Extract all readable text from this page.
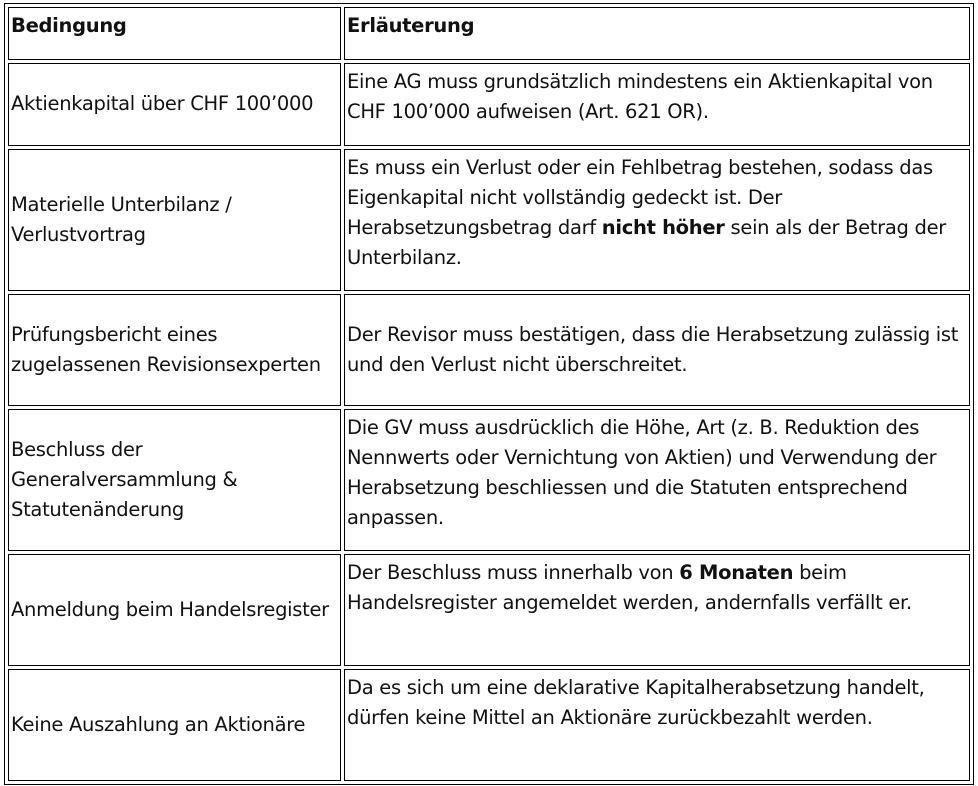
Bedingung	Erläuterung
Aktienkapital über CHF 100’000	Eine AG muss grundsätzlich mindestens ein Aktienkapital von CHF 100’000 aufweisen (Art. 621 OR).
Materielle Unterbilanz / Verlustvortrag	Es muss ein Verlust oder ein Fehlbetrag bestehen, sodass das Eigenkapital nicht vollständig gedeckt ist. Der Herabsetzungsbetrag darf nicht höher sein als der Betrag der Unterbilanz.
Prüfungsbericht eines zugelassenen Revisionsexperten	Der Revisor muss bestätigen, dass die Herabsetzung zulässig ist und den Verlust nicht überschreitet.
Beschluss der Generalversammlung & Statutenänderung	Die GV muss ausdrücklich die Höhe, Art (z. B. Reduktion des Nennwerts oder Vernichtung von Aktien) und Verwendung der Herabsetzung beschliessen und die Statuten entsprechend anpassen.
Anmeldung beim Handelsregister	Der Beschluss muss innerhalb von 6 Monaten beim Handelsregister angemeldet werden, andernfalls verfällt er.
Keine Auszahlung an Aktionäre	Da es sich um eine deklarative Kapitalherabsetzung handelt, dürfen keine Mittel an Aktionäre zurückbezahlt werden.
